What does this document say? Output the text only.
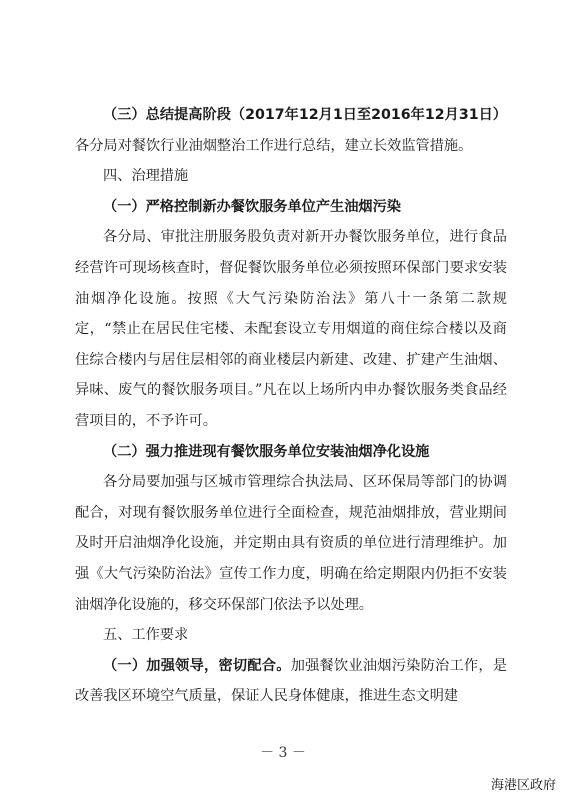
（三）总结提高阶段（2017年12月1日至2016年12月31日）各分局对餐饮行业油烟整治工作进行总结，建立长效监管措施。

四、治理措施

（一）严格控制新办餐饮服务单位产生油烟污染

各分局、审批注册服务股负责对新开办餐饮服务单位，进行食品经营许可现场核查时，督促餐饮服务单位必须按照环保部门要求安装油烟净化设施。按照《大气污染防治法》第八十一条第二款规定，“禁止在居民住宅楼、未配套设立专用烟道的商住综合楼以及商住综合楼内与居住层相邻的商业楼层内新建、改建、扩建产生油烟、异味、废气的餐饮服务项目。”凡在以上场所内申办餐饮服务类食品经营项目的，不予许可。

（二）强力推进现有餐饮服务单位安装油烟净化设施

各分局要加强与区城市管理综合执法局、区环保局等部门的协调配合，对现有餐饮服务单位进行全面检查，规范油烟排放，营业期间及时开启油烟净化设施，并定期由具有资质的单位进行清理维护。加强《大气污染防治法》宣传工作力度，明确在给定期限内仍拒不安装油烟净化设施的，移交环保部门依法予以处理。

五、工作要求

（一）加强领导，密切配合。加强餐饮业油烟污染防治工作，是改善我区环境空气质量，保证人民身体健康，推进生态文明建

－ 3 －
海港区政府
